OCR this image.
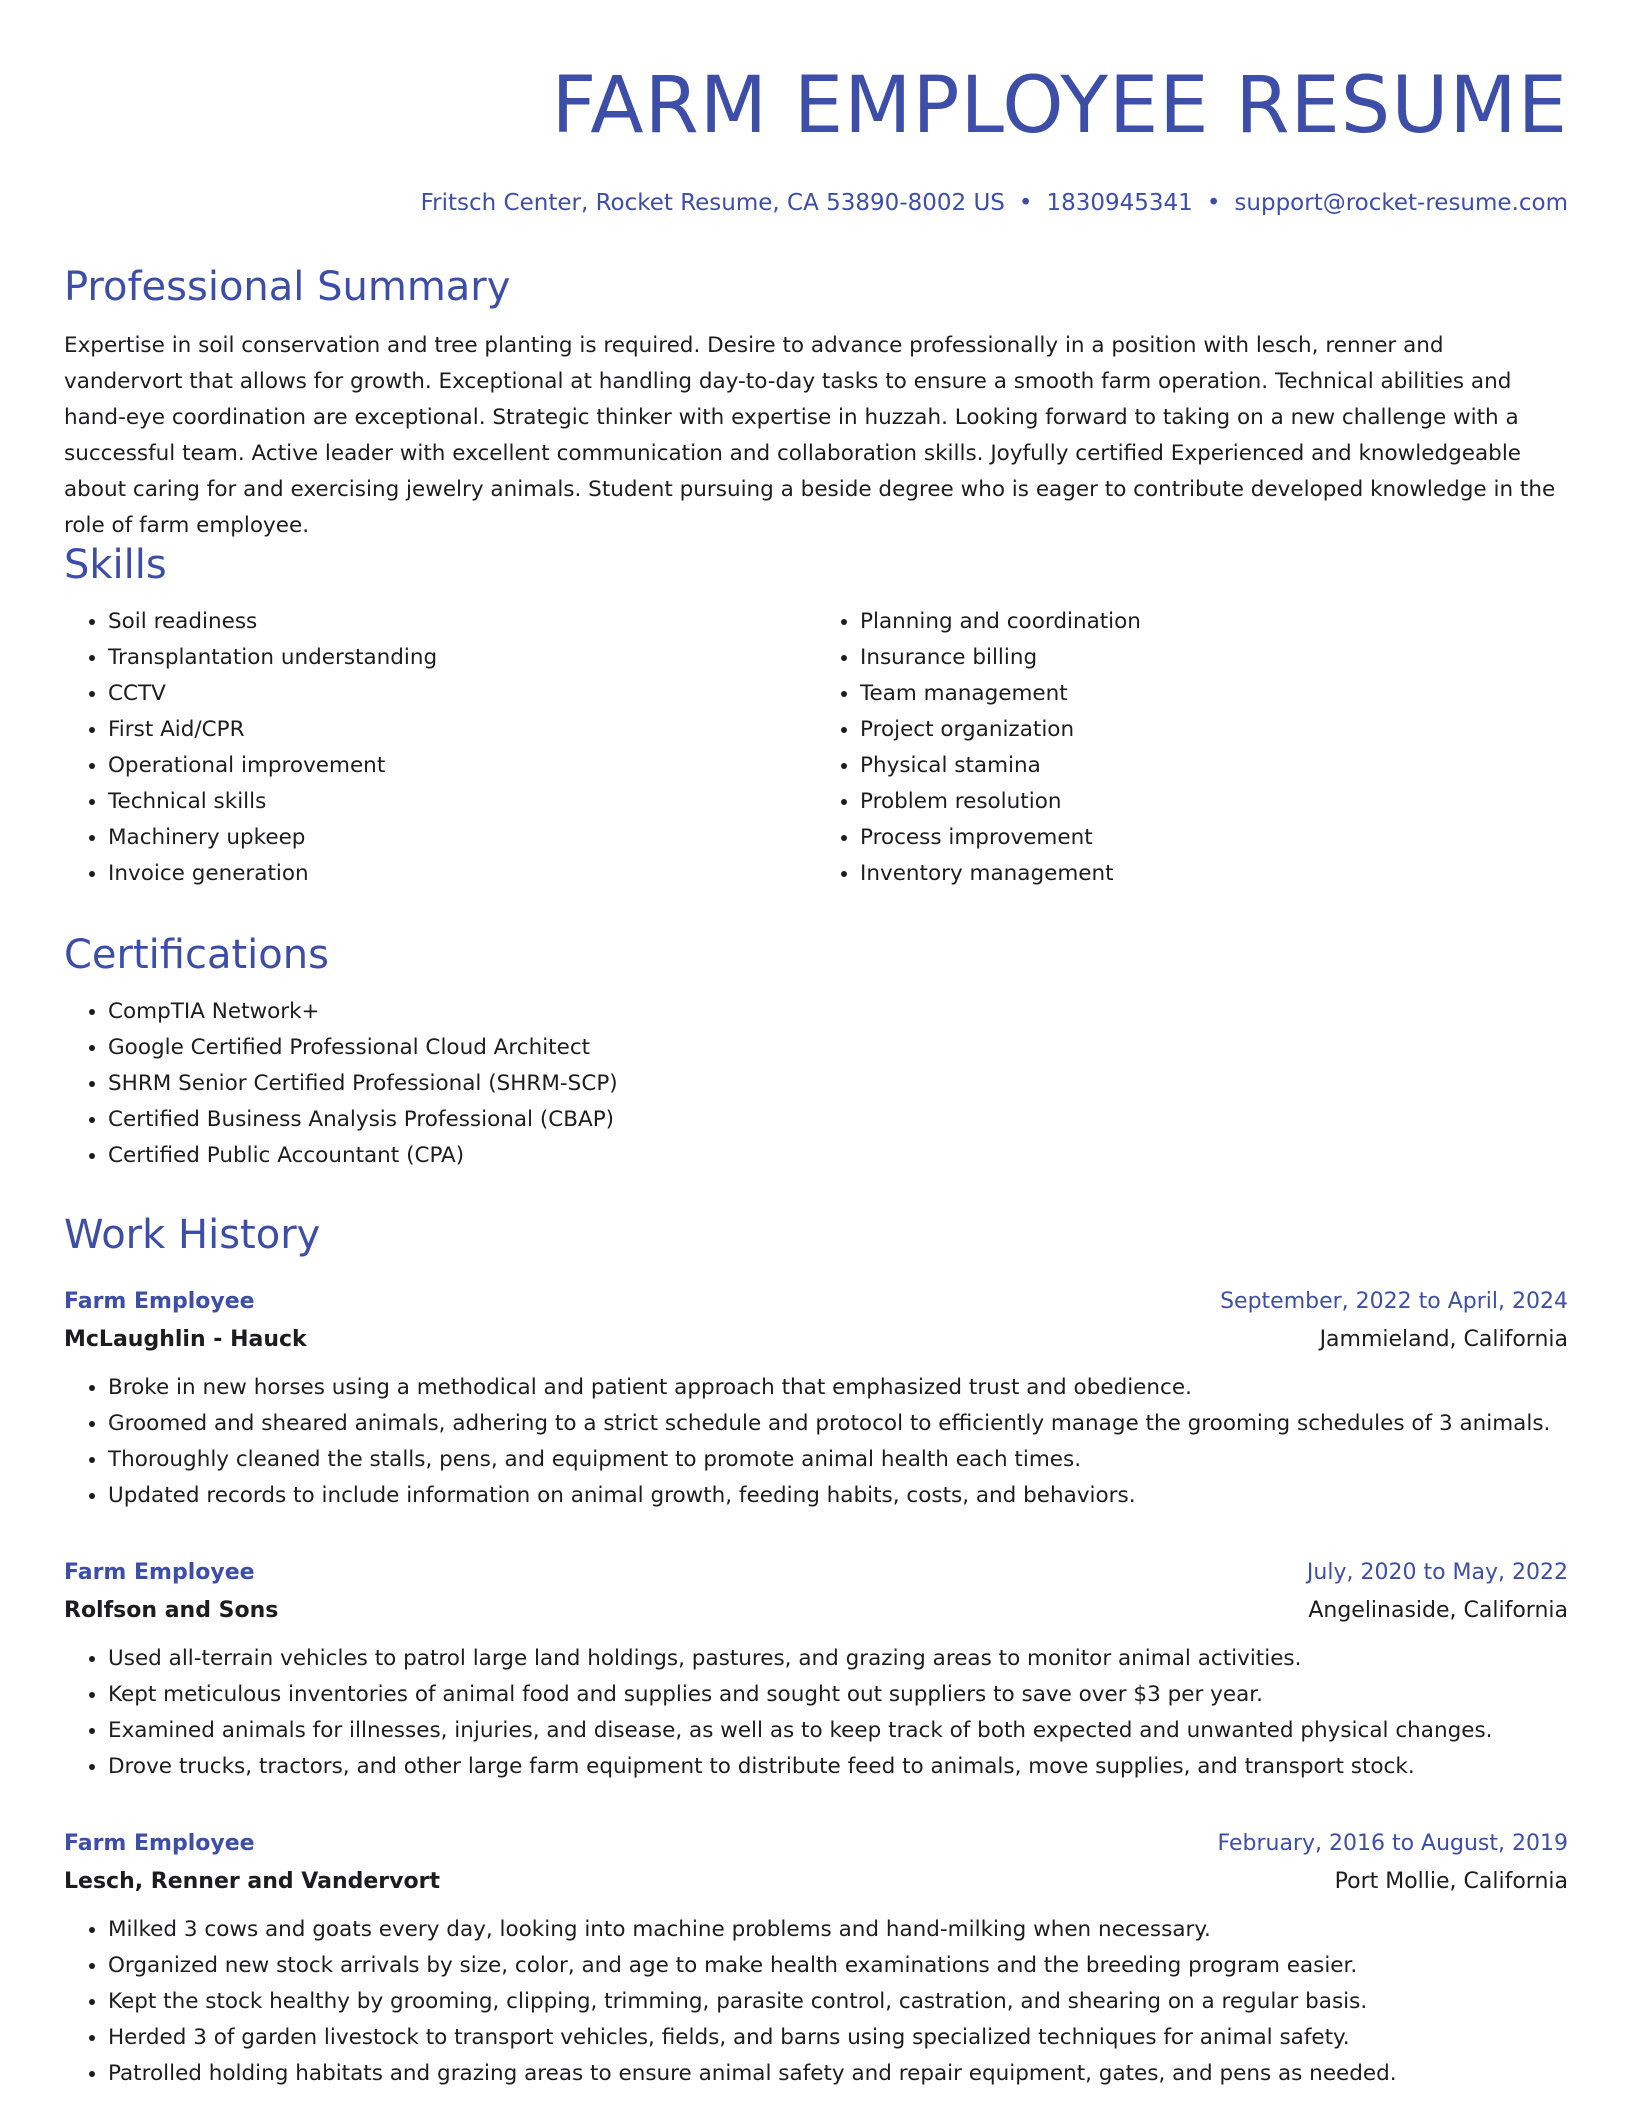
FARM EMPLOYEE RESUME
Fritsch Center, Rocket Resume, CA 53890-8002 US • 1830945341 • support@rocket-resume.com
Professional Summary
Expertise in soil conservation and tree planting is required. Desire to advance professionally in a position with lesch, renner and vandervort that allows for growth. Exceptional at handling day-to-day tasks to ensure a smooth farm operation. Technical abilities and hand-eye coordination are exceptional. Strategic thinker with expertise in huzzah. Looking forward to taking on a new challenge with a successful team. Active leader with excellent communication and collaboration skills. Joyfully certified Experienced and knowledgeable about caring for and exercising jewelry animals. Student pursuing a beside degree who is eager to contribute developed knowledge in the role of farm employee.
Skills
• Soil readiness
• Transplantation understanding
• CCTV
• First Aid/CPR
• Operational improvement
• Technical skills
• Machinery upkeep
• Invoice generation
• Planning and coordination
• Insurance billing
• Team management
• Project organization
• Physical stamina
• Problem resolution
• Process improvement
• Inventory management
Certifications
• CompTIA Network+
• Google Certified Professional Cloud Architect
• SHRM Senior Certified Professional (SHRM-SCP)
• Certified Business Analysis Professional (CBAP)
• Certified Public Accountant (CPA)
Work History
Farm Employee	September, 2022 to April, 2024
McLaughlin - Hauck	Jammieland, California
• Broke in new horses using a methodical and patient approach that emphasized trust and obedience.
• Groomed and sheared animals, adhering to a strict schedule and protocol to efficiently manage the grooming schedules of 3 animals.
• Thoroughly cleaned the stalls, pens, and equipment to promote animal health each times.
• Updated records to include information on animal growth, feeding habits, costs, and behaviors.
Farm Employee	July, 2020 to May, 2022
Rolfson and Sons	Angelinaside, California
• Used all-terrain vehicles to patrol large land holdings, pastures, and grazing areas to monitor animal activities.
• Kept meticulous inventories of animal food and supplies and sought out suppliers to save over $3 per year.
• Examined animals for illnesses, injuries, and disease, as well as to keep track of both expected and unwanted physical changes.
• Drove trucks, tractors, and other large farm equipment to distribute feed to animals, move supplies, and transport stock.
Farm Employee	February, 2016 to August, 2019
Lesch, Renner and Vandervort	Port Mollie, California
• Milked 3 cows and goats every day, looking into machine problems and hand-milking when necessary.
• Organized new stock arrivals by size, color, and age to make health examinations and the breeding program easier.
• Kept the stock healthy by grooming, clipping, trimming, parasite control, castration, and shearing on a regular basis.
• Herded 3 of garden livestock to transport vehicles, fields, and barns using specialized techniques for animal safety.
• Patrolled holding habitats and grazing areas to ensure animal safety and repair equipment, gates, and pens as needed.
